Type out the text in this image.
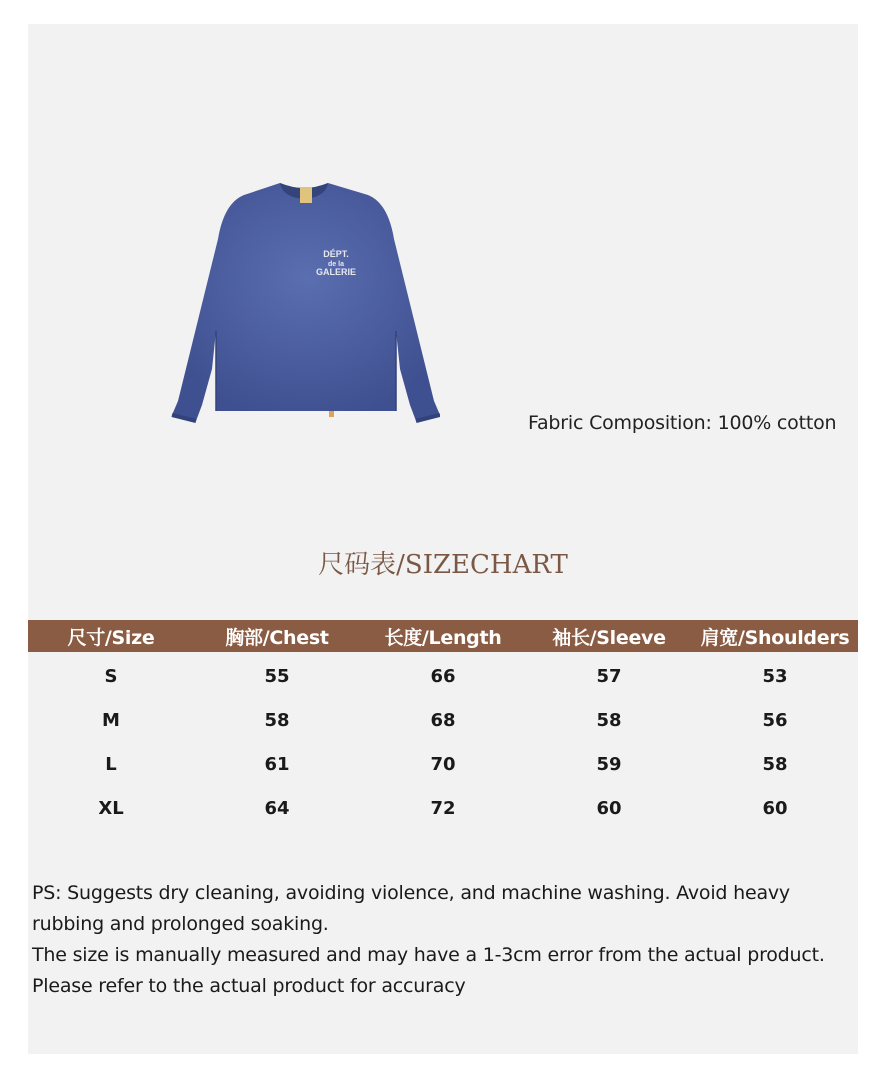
DÉPT.
de la
GALERIE
Fabric Composition: 100% cotton
尺码表/SIZECHART
尺寸/Size	胸部/Chest	长度/Length	袖长/Sleeve	肩宽/Shoulders
S	55	66	57	53
M	58	68	58	56
L	61	70	59	58
XL	64	72	60	60

PS: Suggests dry cleaning, avoiding violence, and machine washing. Avoid heavy rubbing and prolonged soaking.

The size is manually measured and may have a 1-3cm error from the actual product.

Please refer to the actual product for accuracy
